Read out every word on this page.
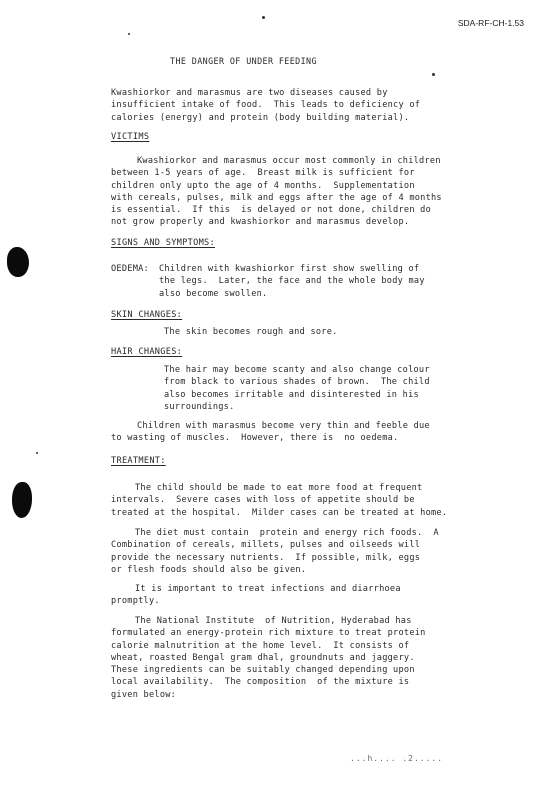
SDA-RF-CH-1.53
THE DANGER OF UNDER FEEDING
Kwashiorkor and marasmus are two diseases caused by
insufficient intake of food.  This leads to deficiency of
calories (energy) and protein (body building material).
VICTIMS
Kwashiorkor and marasmus occur most commonly in children
between 1-5 years of age.  Breast milk is sufficient for
children only upto the age of 4 months.  Supplementation
with cereals, pulses, milk and eggs after the age of 4 months
is essential.  If this  is delayed or not done, children do
not grow properly and kwashiorkor and marasmus develop.
SIGNS AND SYMPTOMS:
OEDEMA: Children with kwashiorkor first show swelling of
the legs.  Later, the face and the whole body may
also become swollen.
SKIN CHANGES:
The skin becomes rough and sore.
HAIR CHANGES:
The hair may become scanty and also change colour
from black to various shades of brown.  The child
also becomes irritable and disinterested in his
surroundings.
Children with marasmus become very thin and feeble due
to wasting of muscles.  However, there is  no oedema.
TREATMENT:
The child should be made to eat more food at frequent
intervals.  Severe cases with loss of appetite should be
treated at the hospital.  Milder cases can be treated at home.
The diet must contain  protein and energy rich foods.  A
Combination of cereals, millets, pulses and oilseeds will
provide the necessary nutrients.  If possible, milk, eggs
or flesh foods should also be given.
It is important to treat infections and diarrhoea
promptly.
The National Institute  of Nutrition, Hyderabad has
formulated an energy-protein rich mixture to treat protein
calorie malnutrition at the home level.  It consists of
wheat, roasted Bengal gram dhal, groundnuts and jaggery.
These ingredients can be suitably changed depending upon
local availability.  The composition  of the mixture is
given below:
...h.... .2.....
